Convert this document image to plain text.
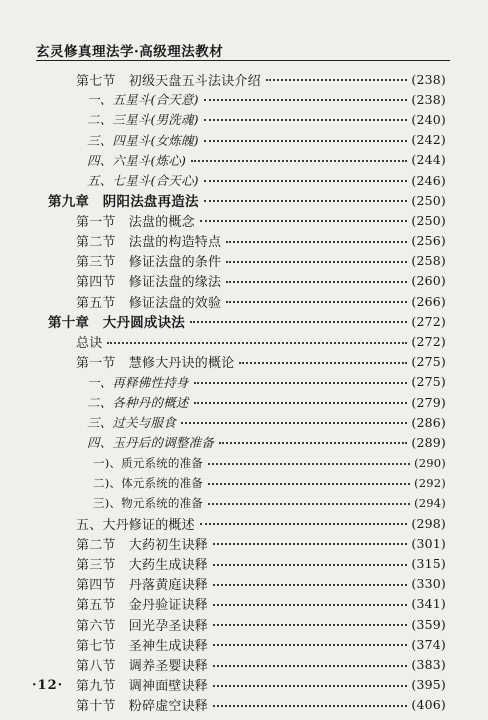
玄灵修真理法学·高级理法教材
第七节　初级天盘五斗法诀介绍	(238)
一、五星斗(合天意)	(238)
二、三星斗(男洗魂)	(240)
三、四星斗(女炼魄)	(242)
四、六星斗(炼心)	(244)
五、七星斗(合天心)	(246)
第九章　阴阳法盘再造法	(250)
第一节　法盘的概念	(250)
第二节　法盘的构造特点	(256)
第三节　修证法盘的条件	(258)
第四节　修证法盘的缘法	(260)
第五节　修证法盘的效验	(266)
第十章　大丹圆成诀法	(272)
总诀	(272)
第一节　慧修大丹诀的概论	(275)
一、再释佛性持身	(275)
二、各种丹的概述	(279)
三、过关与服食	(286)
四、玉丹后的调整准备	(289)
一)、质元系统的准备	(290)
二)、体元系统的准备	(292)
三)、物元系统的准备	(294)
五、大丹修证的概述	(298)
第二节　大药初生诀释	(301)
第三节　大药生成诀释	(315)
第四节　丹落黄庭诀释	(330)
第五节　金丹验证诀释	(341)
第六节　回光孕圣诀释	(359)
第七节　圣神生成诀释	(374)
第八节　调养圣婴诀释	(383)
第九节　调神面壁诀释	(395)
第十节　粉碎虚空诀释	(406)
·12·
